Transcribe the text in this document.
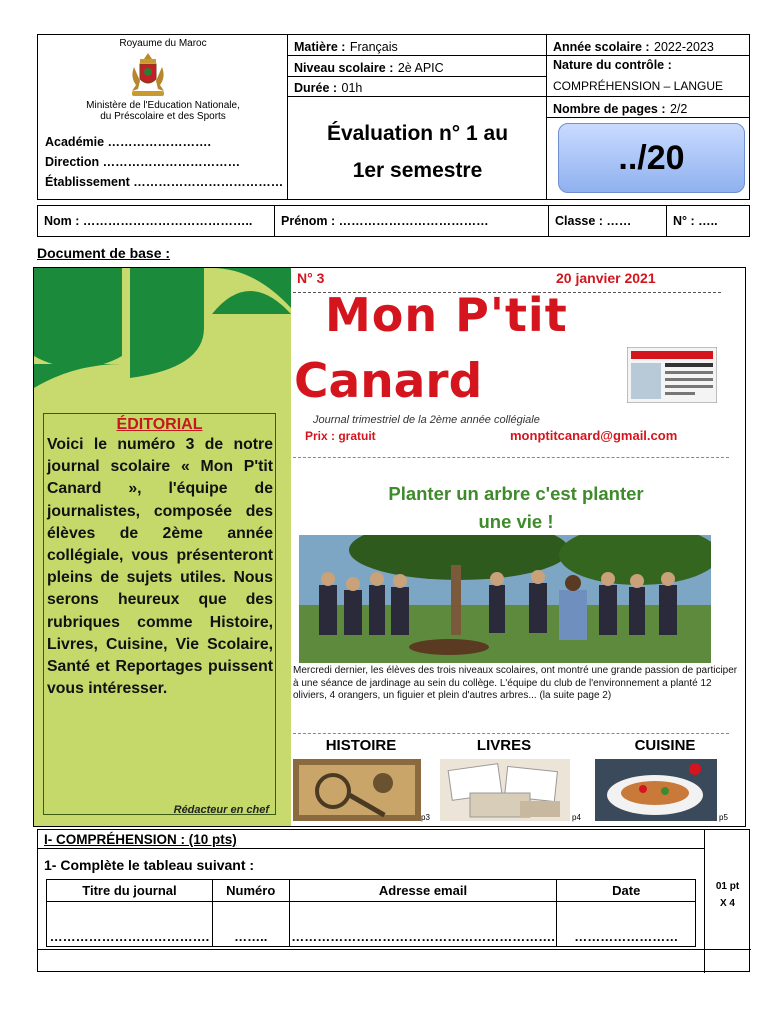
Royaume du Maroc
Ministère de l'Education Nationale,
du Préscolaire et des Sports
Académie …………………….
Direction ……………………………
Établissement ………………………………
Matière : Français
Niveau scolaire : 2è APIC
Durée : 01h
Évaluation n° 1 au
1er semestre
Année scolaire : 2022-2023
Nature du contrôle :
COMPRÉHENSION – LANGUE
Nombre de pages : 2/2
../20
Nom : …………………………………..	Prénom : ………………………………	Classe : ……	N° : …..
Document de base :
ÉDITORIAL
Voici le numéro 3 de notre journal scolaire « Mon P'tit Canard », l'équipe de journalistes, composée des élèves de 2ème année collégiale, vous présenteront pleins de sujets utiles. Nous serons heureux que des rubriques comme Histoire, Livres, Cuisine, Vie Scolaire, Santé et Reportages puissent vous intéresser.
Rédacteur en chef
N° 3	20 janvier 2021
Mon P'tit
Canard
Journal trimestriel de la 2ème année collégiale
Prix : gratuit	monptitcanard@gmail.com
Planter un arbre c'est planter
une vie !
Mercredi dernier, les élèves des trois niveaux scolaires, ont montré une grande passion de participer à une séance de jardinage au sein du collège. L'équipe du club de l'environnement a planté 12 oliviers, 4 orangers, un figuier et plein d'autres arbres... (la suite page 2)
HISTOIRE	LIVRES	CUISINE
p3	p4	p5
I- COMPRÉHENSION : (10 pts)
1- Complète le tableau suivant :
01 pt
X 4
Titre du journal	Numéro	Adresse email	Date
……………………………….	……..	…………………………………………………….	……………………
